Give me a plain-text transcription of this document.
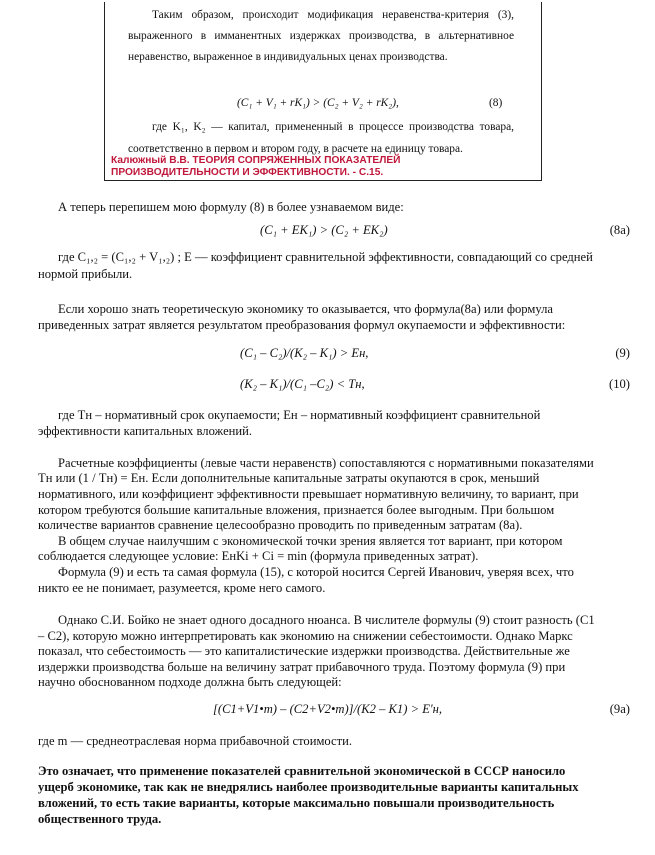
Таким образом, происходит модификация неравенства-критерия (3),
выраженного в имманентных издержках производства, в альтернативное
неравенство, выраженное в индивидуальных ценах производства.
(C₁ + V₁ + rK₁) > (C₂ + V₂ + rK₂),	(8)
где K₁, K₂ — капитал, примененный в процессе производства товара,
соответственно в первом и втором году, в расчете на единицу товара.
Калюжный В.В. ТЕОРИЯ СОПРЯЖЕННЫХ ПОКАЗАТЕЛЕЙ
ПРОИЗВОДИТЕЛЬНОСТИ И ЭФФЕКТИВНОСТИ. - С.15.
А теперь перепишем мою формулу (8) в более узнаваемом виде:
(C₁ + EK₁) > (C₂ + EK₂)	(8а)
где C₁,₂ = (C₁,₂ + V₁,₂) ; E — коэффициент сравнительной эффективности, совпадающий со средней
нормой прибыли.
Если хорошо знать теоретическую экономику то оказывается, что формула(8а) или формула
приведенных затрат является результатом преобразования формул окупаемости и эффективности:
(C₁ – C₂)/(K₂ – K₁) > Eн,	(9)
(K₂ – K₁)/(C₁ –C₂) < Tн,	(10)
где Tн – нормативный срок окупаемости; Eн – нормативный коэффициент сравнительной
эффективности капитальных вложений.
Расчетные коэффициенты (левые части неравенств) сопоставляются с нормативными показателями
Tн или (1 / Tн) = Eн. Если дополнительные капитальные затраты окупаются в срок, меньший
нормативного, или коэффициент эффективности превышает нормативную величину, то вариант, при
котором требуются большие капитальные вложения, признается более выгодным. При большом
количестве вариантов сравнение целесообразно проводить по приведенным затратам (8а).
В общем случае наилучшим с экономической точки зрения является тот вариант, при котором
соблюдается следующее условие: EнKi + Ci = min (формула приведенных затрат).
Формула (9) и есть та самая формула (15), с которой носится Сергей Иванович, уверяя всех, что
никто ее не понимает, разумеется, кроме него самого.
Однако С.И. Бойко не знает одного досадного нюанса. В числителе формулы (9) стоит разность (C1
– C2), которую можно интерпретировать как экономию на снижении себестоимости. Однако Маркс
показал, что себестоимость — это капиталистические издержки производства. Действительные же
издержки производства больше на величину затрат прибавочного труда. Поэтому формула (9) при
научно обоснованном подходе должна быть следующей:
[(C1+V1•m) – (C2+V2•m)]/(K2 – K1) > E'н,	(9а)
где m — среднеотраслевая норма прибавочной стоимости.
Это означает, что применение показателей сравнительной экономической в СССР наносило
ущерб экономике, так как не внедрялись наиболее производительные варианты капитальных
вложений, то есть такие варианты, которые максимально повышали производительность
общественного труда.
